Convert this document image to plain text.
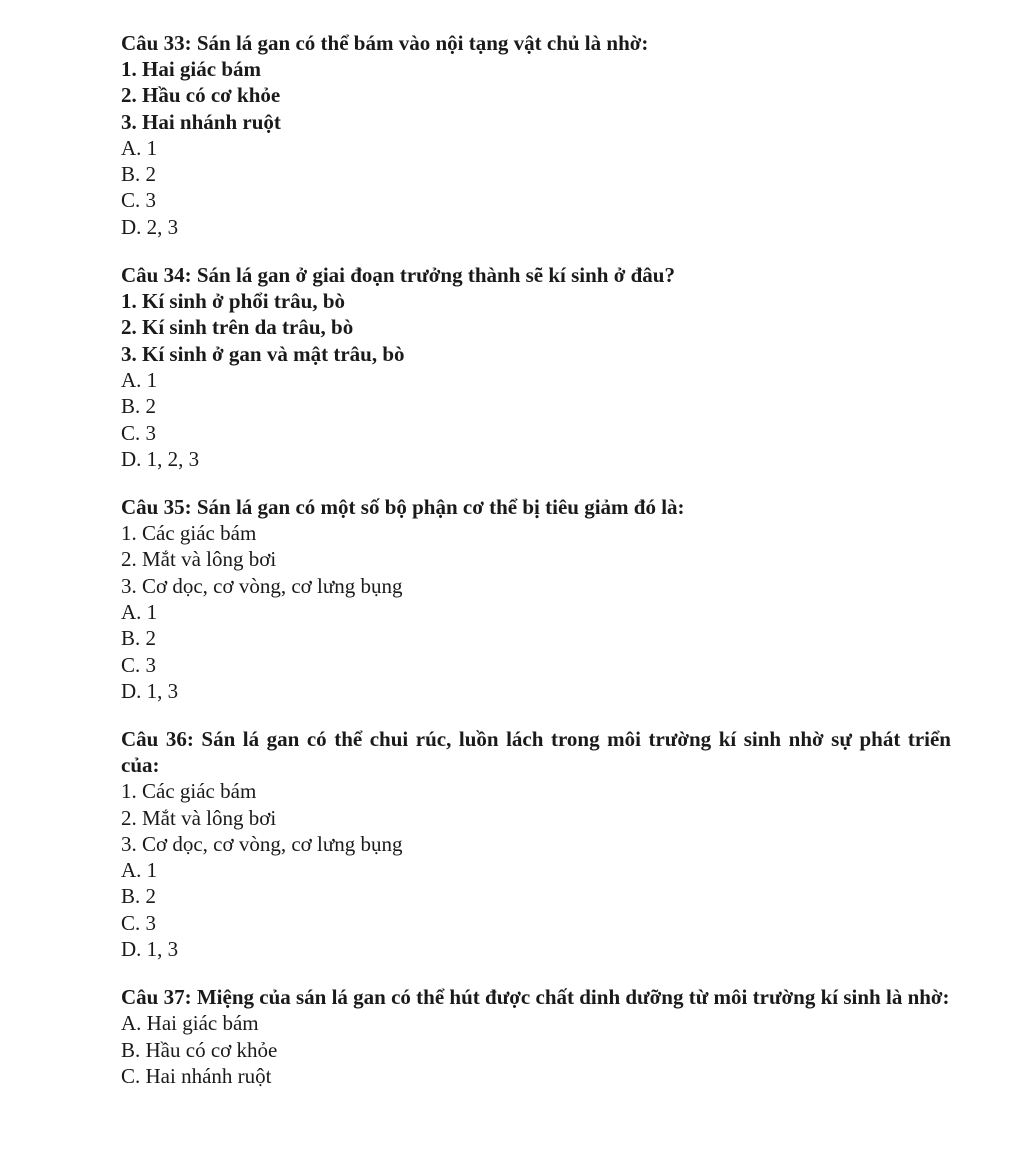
Câu 33: Sán lá gan có thể bám vào nội tạng vật chủ là nhờ:
1. Hai giác bám
2. Hầu có cơ khỏe
3. Hai nhánh ruột
A. 1
B. 2
C. 3
D. 2, 3
Câu 34: Sán lá gan ở giai đoạn trưởng thành sẽ kí sinh ở đâu?
1. Kí sinh ở phổi trâu, bò
2. Kí sinh trên da trâu, bò
3. Kí sinh ở gan và mật trâu, bò
A. 1
B. 2
C. 3
D. 1, 2, 3
Câu 35: Sán lá gan có một số bộ phận cơ thể bị tiêu giảm đó là:
1. Các giác bám
2. Mắt và lông bơi
3. Cơ dọc, cơ vòng, cơ lưng bụng
A. 1
B. 2
C. 3
D. 1, 3
Câu 36: Sán lá gan có thể chui rúc, luồn lách trong môi trường kí sinh nhờ sự phát triển của:
1. Các giác bám
2. Mắt và lông bơi
3. Cơ dọc, cơ vòng, cơ lưng bụng
A. 1
B. 2
C. 3
D. 1, 3
Câu 37: Miệng của sán lá gan có thể hút được chất dinh dưỡng từ môi trường kí sinh là nhờ:
A. Hai giác bám
B. Hầu có cơ khỏe
C. Hai nhánh ruột
